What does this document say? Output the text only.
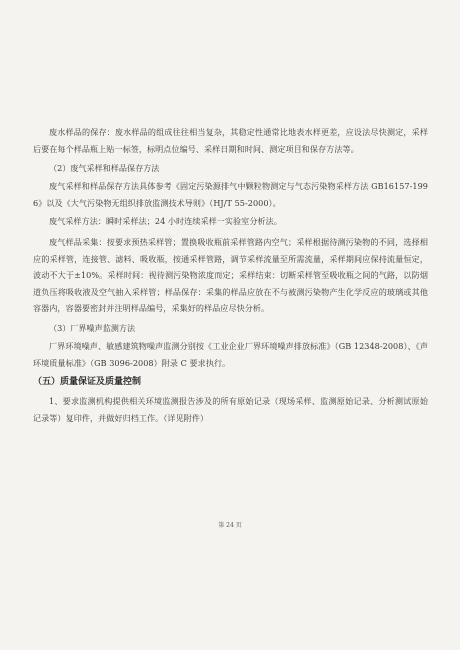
废水样品的保存：废水样品的组成往往相当复杂，其稳定性通常比地表水样更差，应设法尽快测定，采样后要在每个样品瓶上贴一标签，标明点位编号、采样日期和时间、测定项目和保存方法等。

（2）废气采样和样品保存方法

废气采样和样品保存方法具体参考《固定污染源排气中颗粒物测定与气态污染物采样方法 GB16157-1996》以及《大气污染物无组织排放监测技术导则》（HJ/T 55-2000）。

废气采样方法：瞬时采样法；24 小时连续采样一实验室分析法。

废气样品采集：按要求预热采样管；置换吸收瓶前采样管路内空气；采样根据待测污染物的不同，选择相应的采样管，连接管、滤料、吸收瓶，按通采样管路，调节采样流量至所需流量，采样期间应保持流量恒定，波动不大于±10%。采样时间：视待测污染物浓度而定；采样结束：切断采样管至吸收瓶之间的气路，以防烟道负压将吸收液及空气抽入采样管；样品保存：采集的样品应放在不与被测污染物产生化学反应的玻璃或其他容器内，容器要密封并注明样品编号，采集好的样品应尽快分析。

（3）厂界噪声监测方法

厂界环境噪声、敏感建筑物噪声监测分别按《工业企业厂界环境噪声排放标准》（GB 12348-2008）、《声环境质量标准》（GB 3096-2008）附录 C 要求执行。

（五）质量保证及质量控制

1、要求监测机构提供相关环境监测报告涉及的所有原始记录（现场采样、监测原始记录、分析测试原始记录等）复印件，并做好归档工作。（详见附件）

第 24 页
